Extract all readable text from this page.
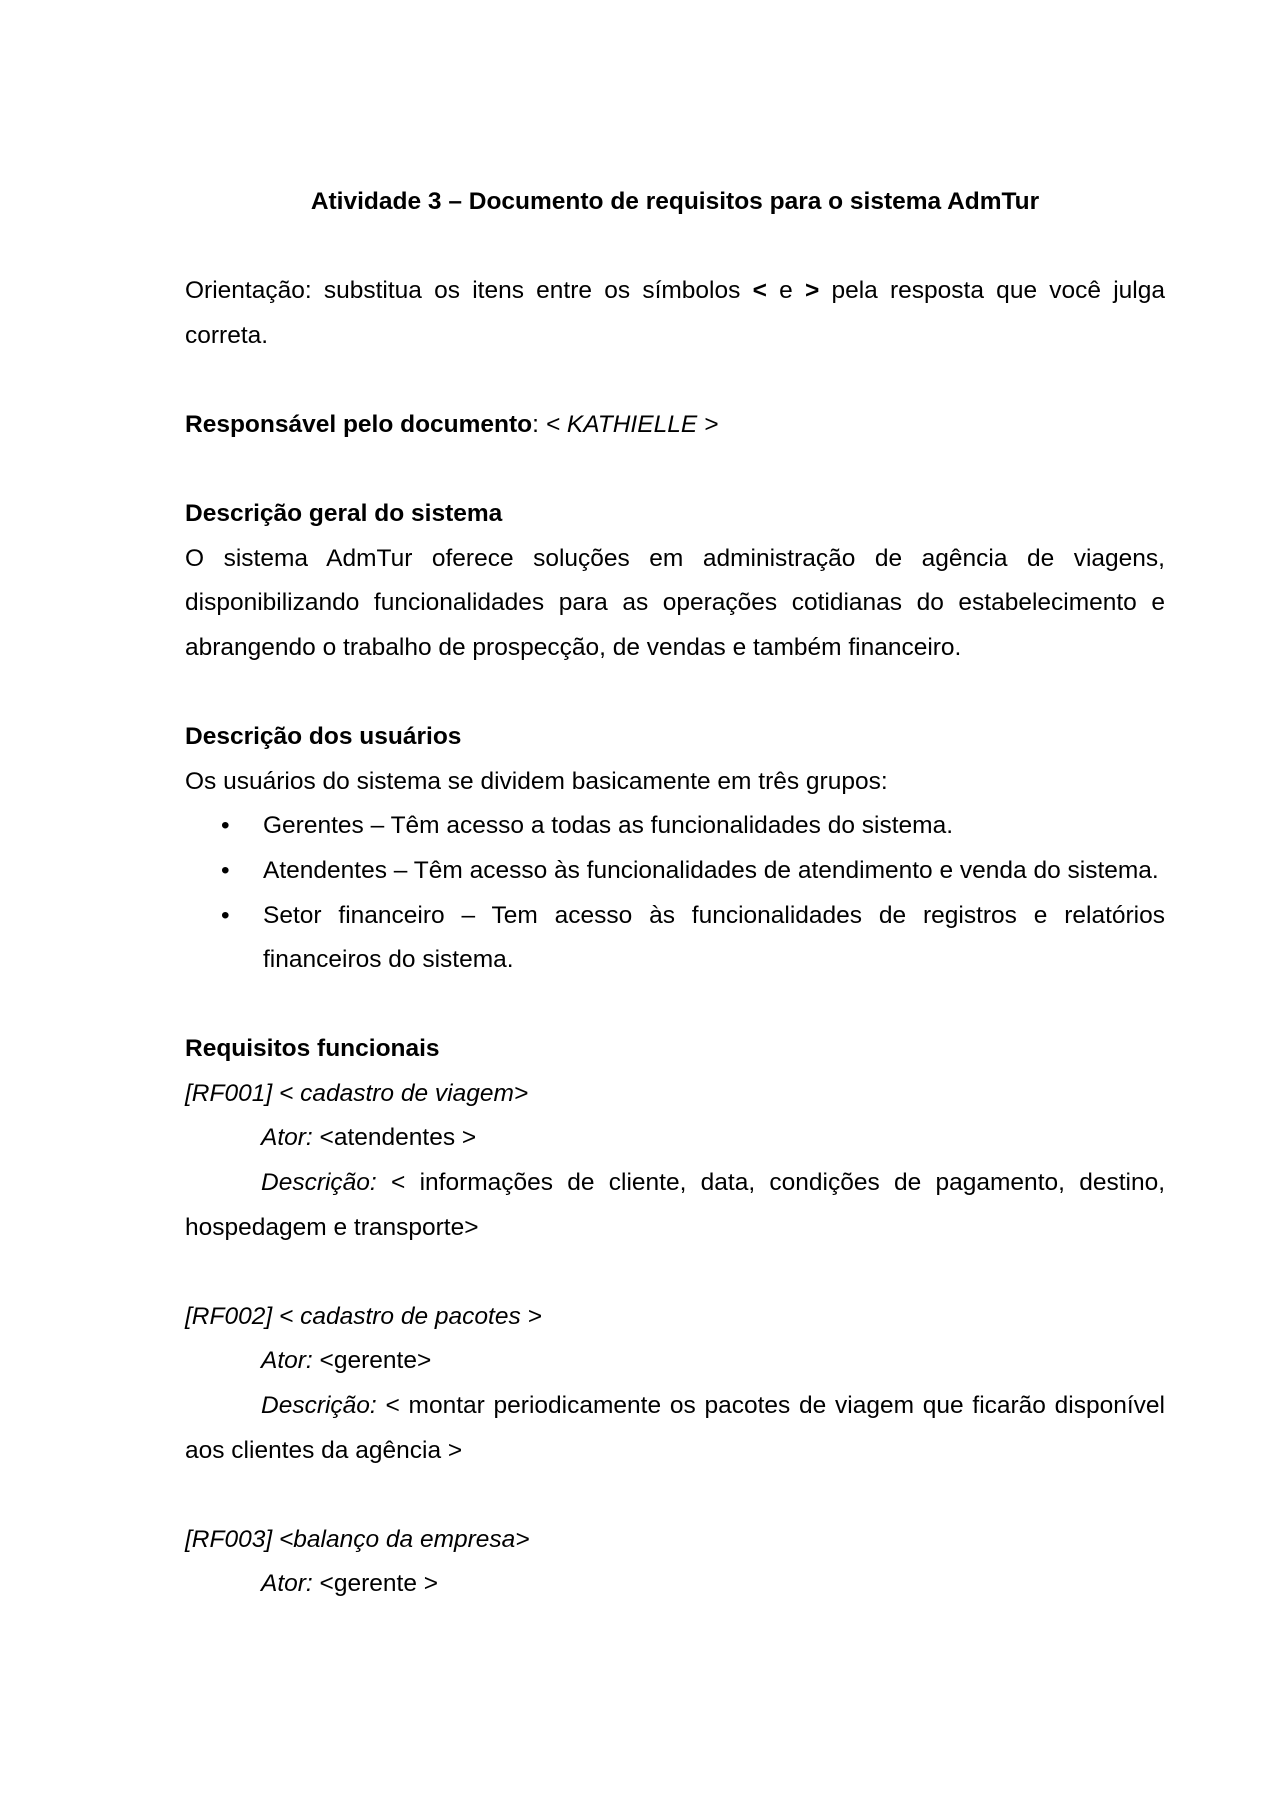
Atividade 3 – Documento de requisitos para o sistema AdmTur

Orientação: substitua os itens entre os símbolos < e > pela resposta que você julga correta.

Responsável pelo documento: < KATHIELLE >

Descrição geral do sistema

O sistema AdmTur oferece soluções em administração de agência de viagens, disponibilizando funcionalidades para as operações cotidianas do estabelecimento e abrangendo o trabalho de prospecção, de vendas e também financeiro.

Descrição dos usuários

Os usuários do sistema se dividem basicamente em três grupos:

• Gerentes – Têm acesso a todas as funcionalidades do sistema.
• Atendentes – Têm acesso às funcionalidades de atendimento e venda do sistema.
• Setor financeiro – Tem acesso às funcionalidades de registros e relatórios financeiros do sistema.

Requisitos funcionais

[RF001] < cadastro de viagem>

Ator: <atendentes >

Descrição: < informações de cliente, data, condições de pagamento, destino, hospedagem e transporte>

[RF002] < cadastro de pacotes >

Ator: <gerente>

Descrição: < montar periodicamente os pacotes de viagem que ficarão disponível aos clientes da agência >

[RF003] <balanço da empresa>

Ator: <gerente >
